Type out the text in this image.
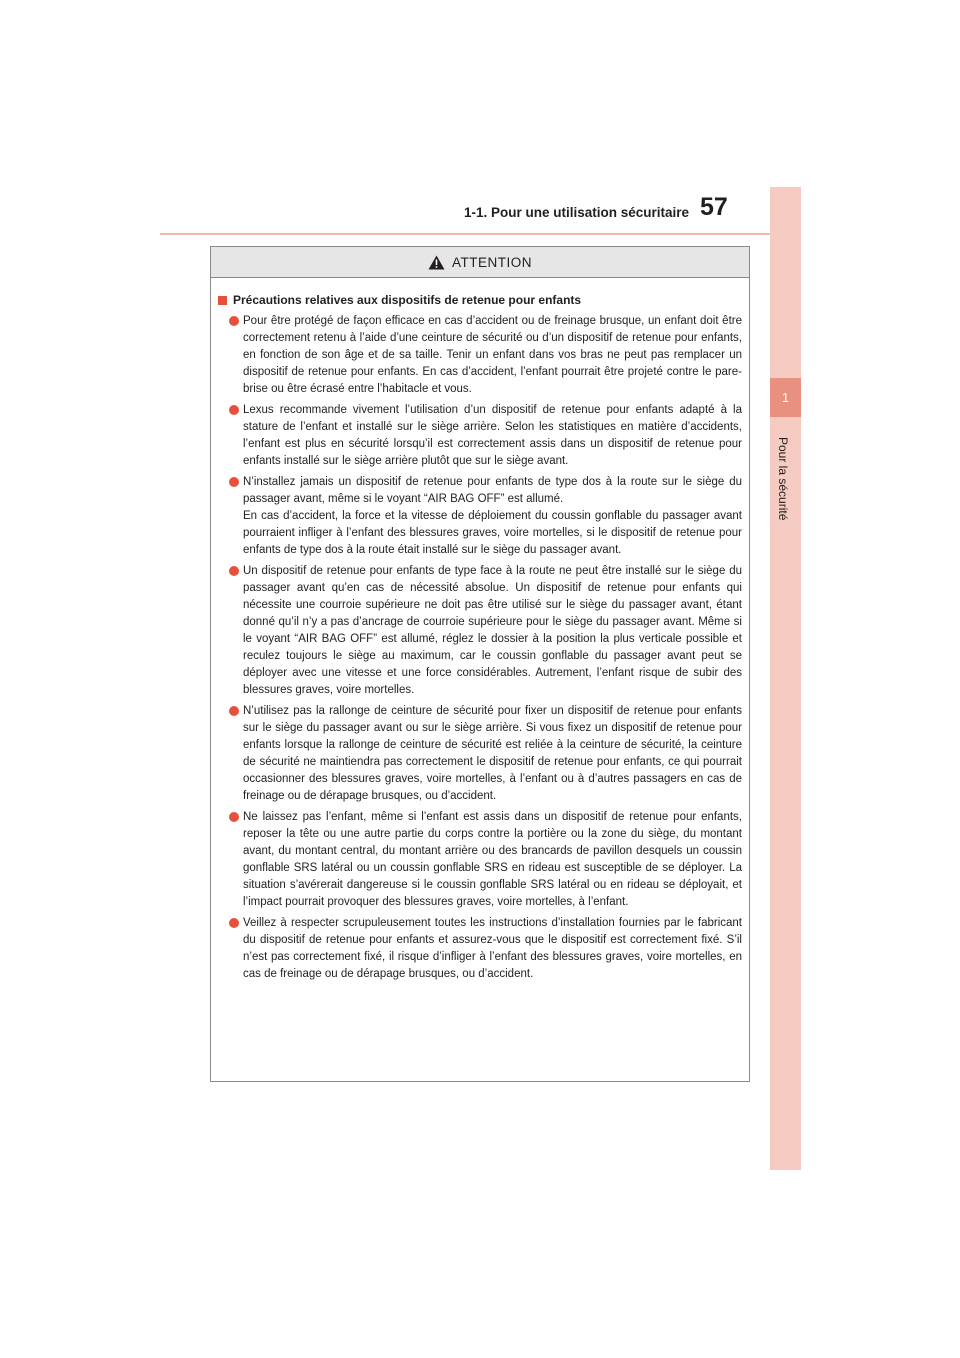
1-1. Pour une utilisation sécuritaire 57
1
Pour la sécurité
ATTENTION
Précautions relatives aux dispositifs de retenue pour enfants

Pour être protégé de façon efficace en cas d’accident ou de freinage brusque, un enfant doit être correctement retenu à l’aide d’une ceinture de sécurité ou d’un dispositif de retenue pour enfants, en fonction de son âge et de sa taille. Tenir un enfant dans vos bras ne peut pas remplacer un dispositif de retenue pour enfants. En cas d’accident, l’enfant pourrait être projeté contre le pare-brise ou être écrasé entre l’habitacle et vous.

Lexus recommande vivement l’utilisation d’un dispositif de retenue pour enfants adapté à la stature de l’enfant et installé sur le siège arrière. Selon les statistiques en matière d’accidents, l’enfant est plus en sécurité lorsqu’il est correctement assis dans un dispositif de retenue pour enfants installé sur le siège arrière plutôt que sur le siège avant.

N’installez jamais un dispositif de retenue pour enfants de type dos à la route sur le siège du passager avant, même si le voyant “AIR BAG OFF” est allumé.

En cas d’accident, la force et la vitesse de déploiement du coussin gonflable du passager avant pourraient infliger à l’enfant des blessures graves, voire mortelles, si le dispositif de retenue pour enfants de type dos à la route était installé sur le siège du passager avant.

Un dispositif de retenue pour enfants de type face à la route ne peut être installé sur le siège du passager avant qu’en cas de nécessité absolue. Un dispositif de retenue pour enfants qui nécessite une courroie supérieure ne doit pas être utilisé sur le siège du passager avant, étant donné qu’il n’y a pas d’ancrage de courroie supérieure pour le siège du passager avant. Même si le voyant “AIR BAG OFF” est allumé, réglez le dossier à la position la plus verticale possible et reculez toujours le siège au maximum, car le coussin gonflable du passager avant peut se déployer avec une vitesse et une force considérables. Autrement, l’enfant risque de subir des blessures graves, voire mortelles.

N’utilisez pas la rallonge de ceinture de sécurité pour fixer un dispositif de retenue pour enfants sur le siège du passager avant ou sur le siège arrière. Si vous fixez un dispositif de retenue pour enfants lorsque la rallonge de ceinture de sécurité est reliée à la ceinture de sécurité, la ceinture de sécurité ne maintiendra pas correctement le dispositif de retenue pour enfants, ce qui pourrait occasionner des blessures graves, voire mortelles, à l’enfant ou à d’autres passagers en cas de freinage ou de dérapage brusques, ou d’accident.

Ne laissez pas l’enfant, même si l’enfant est assis dans un dispositif de retenue pour enfants, reposer la tête ou une autre partie du corps contre la portière ou la zone du siège, du montant avant, du montant central, du montant arrière ou des brancards de pavillon desquels un coussin gonflable SRS latéral ou un coussin gonflable SRS en rideau est susceptible de se déployer. La situation s’avérerait dangereuse si le coussin gonflable SRS latéral ou en rideau se déployait, et l’impact pourrait provoquer des blessures graves, voire mortelles, à l’enfant.

Veillez à respecter scrupuleusement toutes les instructions d’installation fournies par le fabricant du dispositif de retenue pour enfants et assurez-vous que le dispositif est correctement fixé. S’il n’est pas correctement fixé, il risque d’infliger à l’enfant des blessures graves, voire mortelles, en cas de freinage ou de dérapage brusques, ou d’accident.
